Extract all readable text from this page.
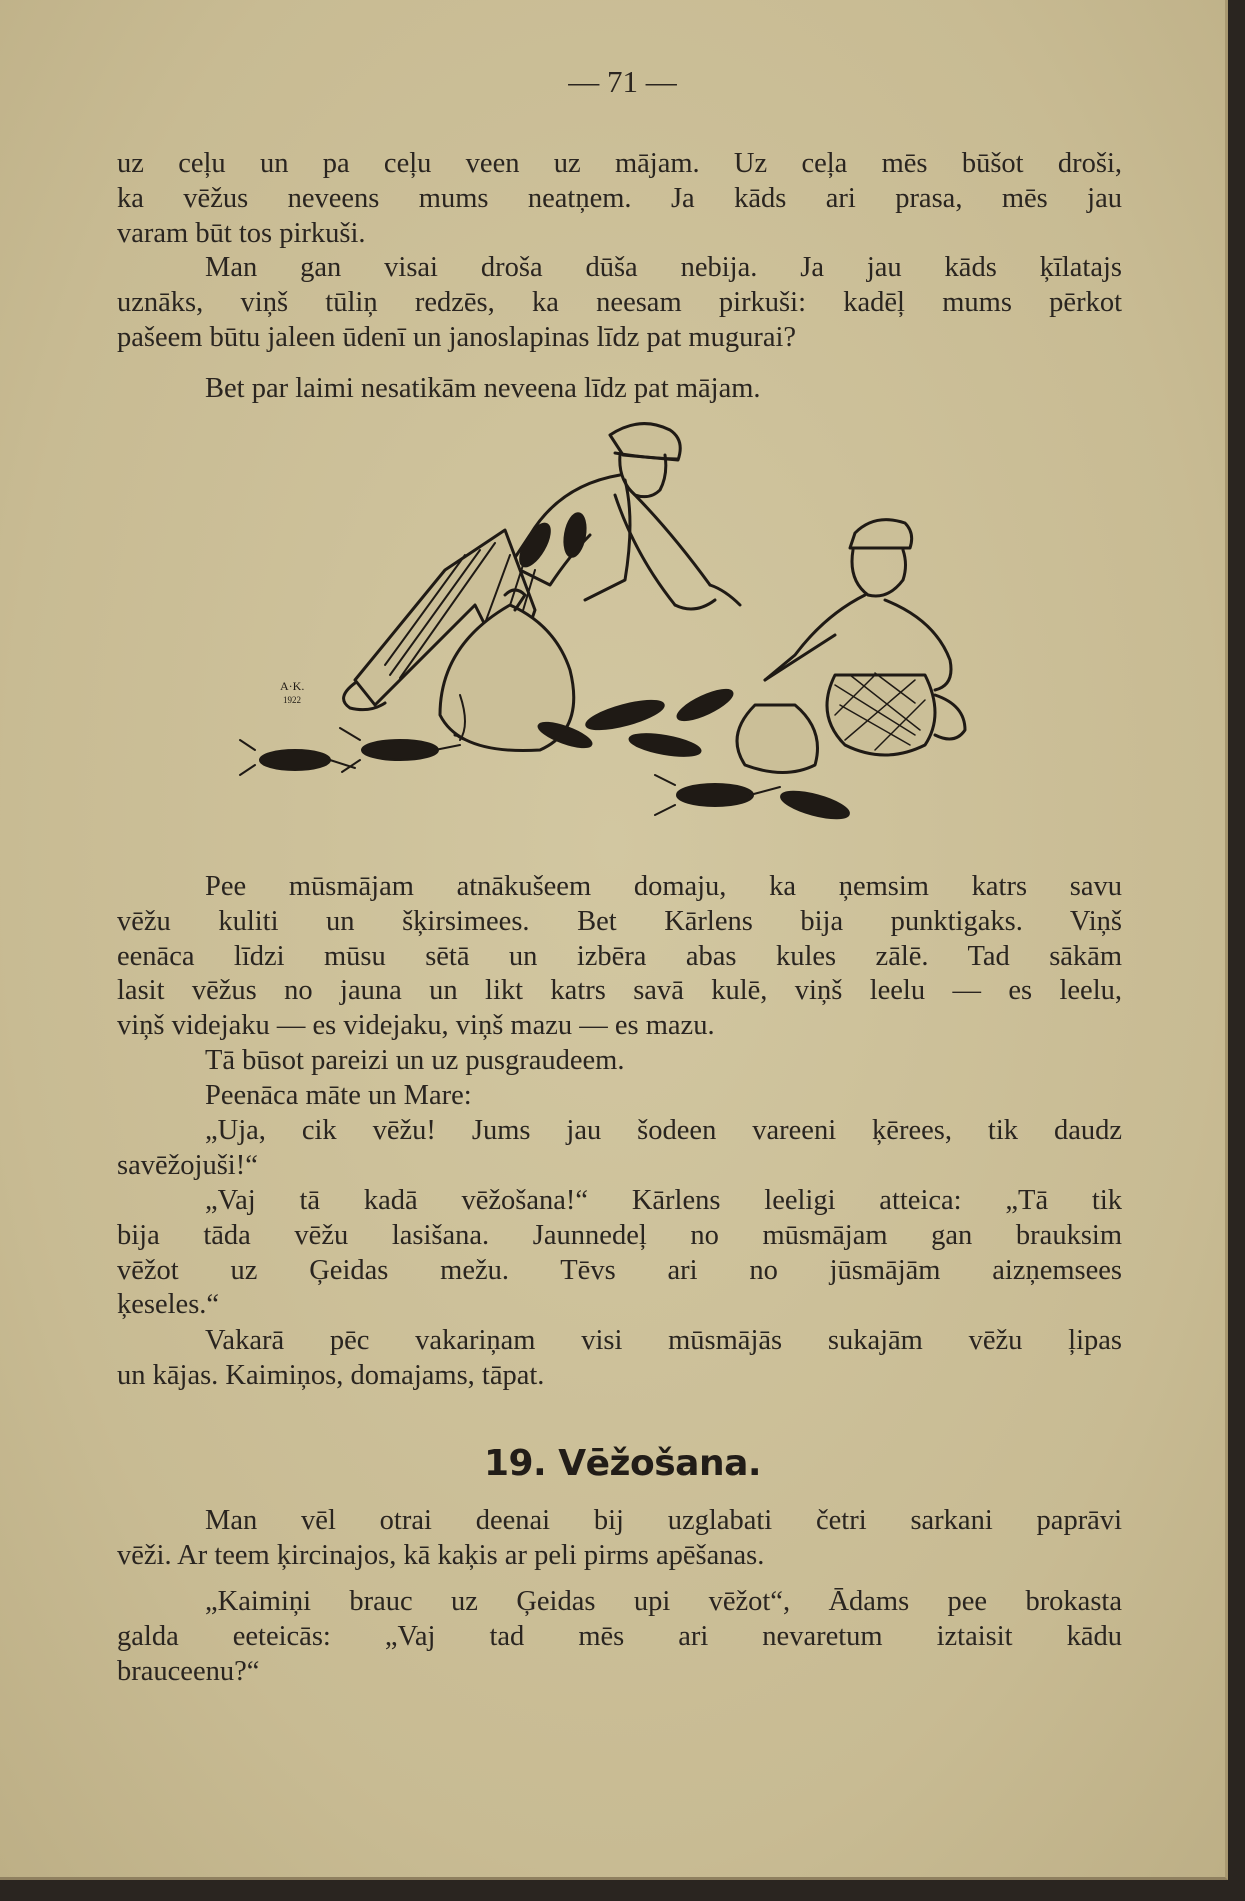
— 71 —
uz ceļu un pa ceļu veen uz mājam. Uz ceļa mēs būšot droši,
ka vēžus neveens mums neatņem. Ja kāds ari prasa, mēs jau
varam būt tos pirkuši.
Man gan visai droša dūša nebija. Ja jau kāds ķīlatajs
uznāks, viņš tūliņ redzēs, ka neesam pirkuši: kadēļ mums pērkot
pašeem būtu jaleen ūdenī un janoslapinas līdz pat mugurai?
Bet par laimi nesatikām neveena līdz pat mājam.
A·K.
1922
Pee mūsmājam atnākušeem domaju, ka ņemsim katrs savu
vēžu kuliti un šķirsimees. Bet Kārlens bija punktigaks. Viņš
eenāca līdzi mūsu sētā un izbēra abas kules zālē. Tad sākām
lasit vēžus no jauna un likt katrs savā kulē, viņš leelu — es leelu,
viņš videjaku — es videjaku, viņš mazu — es mazu.
Tā būsot pareizi un uz pusgraudeem.
Peenāca māte un Mare:
„Uja, cik vēžu! Jums jau šodeen vareeni ķērees, tik daudz
savēžojuši!“
„Vaj tā kadā vēžošana!“ Kārlens leeligi atteica: „Tā tik
bija tāda vēžu lasišana. Jaunnedeļ no mūsmājam gan brauksim
vēžot uz Ģeidas mežu. Tēvs ari no jūsmājām aizņemsees
ķeseles.“
Vakarā pēc vakariņam visi mūsmājās sukajām vēžu ļipas
un kājas. Kaimiņos, domajams, tāpat.
19. Vēžošana.
Man vēl otrai deenai bij uzglabati četri sarkani paprāvi
vēži. Ar teem ķircinajos, kā kaķis ar peli pirms apēšanas.
„Kaimiņi brauc uz Ģeidas upi vēžot“, Ādams pee brokasta
galda eeteicās: „Vaj tad mēs ari nevaretum iztaisit kādu
brauceenu?“
